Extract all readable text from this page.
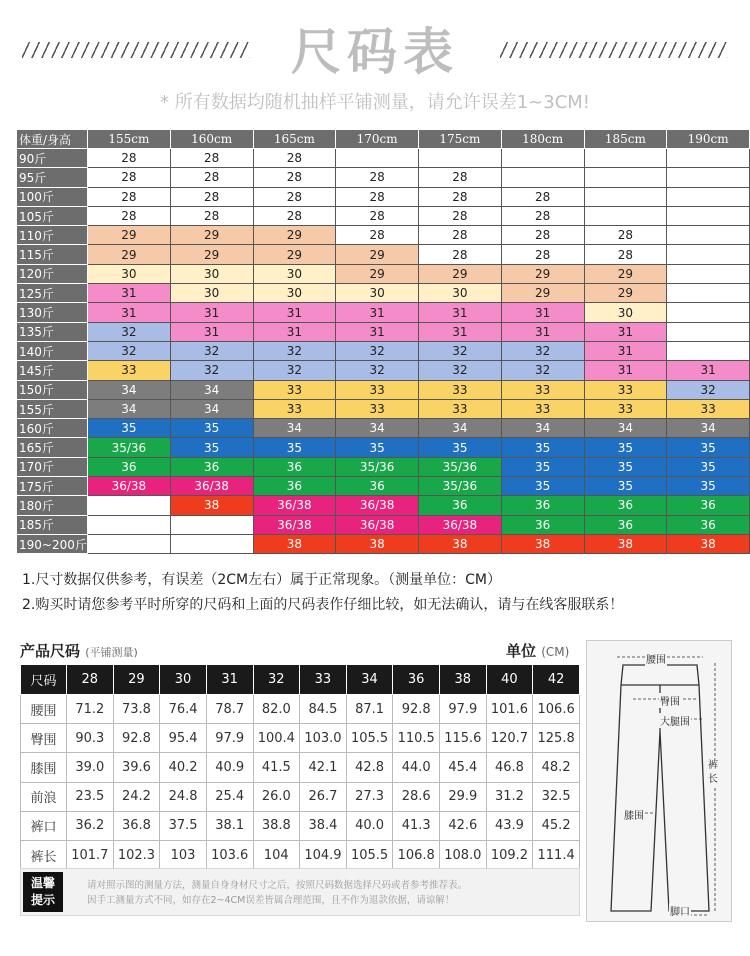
尺码表
* 所有数据均随机抽样平铺测量，请允许误差1~3CM!
体重/身高	155cm	160cm	165cm	170cm	175cm	180cm	185cm	190cm
90斤	28	28	28					
95斤	28	28	28	28	28			
100斤	28	28	28	28	28	28		
105斤	28	28	28	28	28	28		
110斤	29	29	29	28	28	28	28	
115斤	29	29	29	29	28	28	28	
120斤	30	30	30	29	29	29	29	
125斤	31	30	30	30	30	29	29	
130斤	31	31	31	31	31	31	30	
135斤	32	31	31	31	31	31	31	
140斤	32	32	32	32	32	32	31	
145斤	33	32	32	32	32	32	31	31
150斤	34	34	33	33	33	33	33	32
155斤	34	34	33	33	33	33	33	33
160斤	35	35	34	34	34	34	34	34
165斤	35/36	35	35	35	35	35	35	35
170斤	36	36	36	35/36	35/36	35	35	35
175斤	36/38	36/38	36	36	35/36	35	35	35
180斤		38	36/38	36/38	36	36	36	36
185斤			36/38	36/38	36/38	36	36	36
190~200斤			38	38	38	38	38	38
1.尺寸数据仅供参考，有误差（2CM左右）属于正常现象。（测量单位：CM）
2.购买时请您参考平时所穿的尺码和上面的尺码表作仔细比较，如无法确认，请与在线客服联系！
产品尺码 (平铺测量)	单位 (CM)
尺码	28	29	30	31	32	33	34	36	38	40	42
腰围	71.2	73.8	76.4	78.7	82.0	84.5	87.1	92.8	97.9	101.6	106.6
臀围	90.3	92.8	95.4	97.9	100.4	103.0	105.5	110.5	115.6	120.7	125.8
膝围	39.0	39.6	40.2	40.9	41.5	42.1	42.8	44.0	45.4	46.8	48.2
前浪	23.5	24.2	24.8	25.4	26.0	26.7	27.3	28.6	29.9	31.2	32.5
裤口	36.2	36.8	37.5	38.1	38.8	38.4	40.0	41.3	42.6	43.9	45.2
裤长	101.7	102.3	103	103.6	104	104.9	105.5	106.8	108.0	109.2	111.4
温馨
提示
请对照示图的测量方法，测量自身身材尺寸之后，按照尺码数据选择尺码或者参考推荐表。
因手工测量方式不同，如存在2~4CM误差皆属合理范围，且不作为退款依据，请谅解！
腰围
臀围
大腿围
膝围
裤长
脚口
